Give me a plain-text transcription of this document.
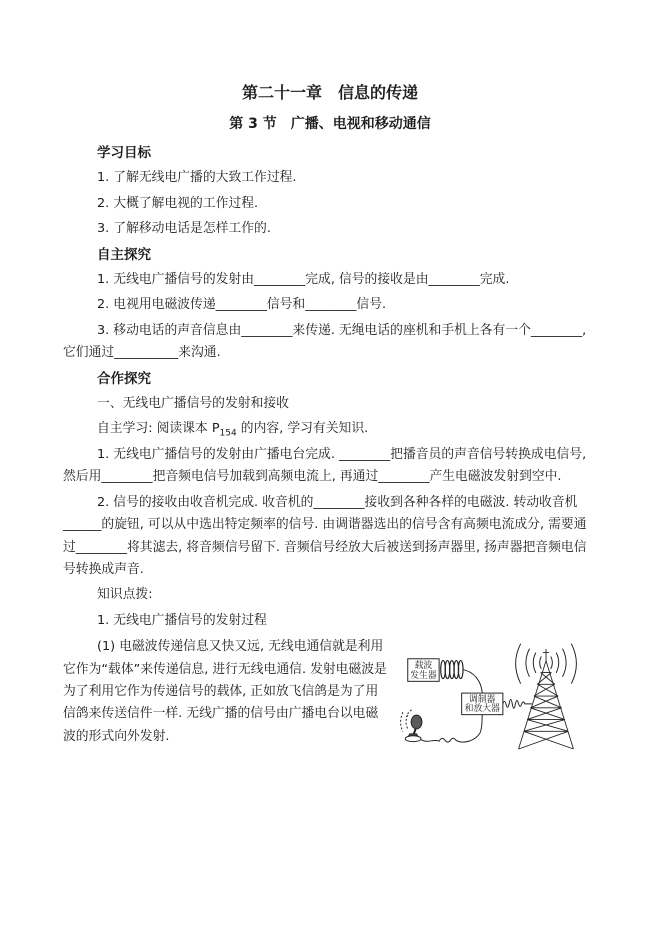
第二十一章　信息的传递
第 3 节　广播、电视和移动通信

学习目标

1. 了解无线电广播的大致工作过程.

2. 大概了解电视的工作过程.

3. 了解移动电话是怎样工作的.

自主探究

1. 无线电广播信号的发射由________完成, 信号的接收是由________完成.

2. 电视用电磁波传递________信号和________信号.

3. 移动电话的声音信息由________来传递. 无绳电话的座机和手机上各有一个________, 它们通过__________来沟通.

合作探究

一、无线电广播信号的发射和接收

自主学习: 阅读课本 $P_{154}$ 的内容, 学习有关知识.

1. 无线电广播信号的发射由广播电台完成. ________把播音员的声音信号转换成电信号, 然后用________把音频电信号加载到高频电流上, 再通过________产生电磁波发射到空中.

2. 信号的接收由收音机完成. 收音机的________接收到各种各样的电磁波. 转动收音机______的旋钮, 可以从中选出特定频率的信号. 由调谐器选出的信号含有高频电流成分, 需要通过________将其滤去, 将音频信号留下. 音频信号经放大后被送到扬声器里, 扬声器把音频电信号转换成声音.

知识点拨:

1. 无线电广播信号的发射过程

载波
发生器
调制器
和放大器

(1) 电磁波传递信息又快又远, 无线电通信就是利用它作为“载体”来传递信息, 进行无线电通信. 发射电磁波是为了利用它作为传递信号的载体, 正如放飞信鸽是为了用信鸽来传送信件一样. 无线广播的信号由广播电台以电磁波的形式向外发射.
